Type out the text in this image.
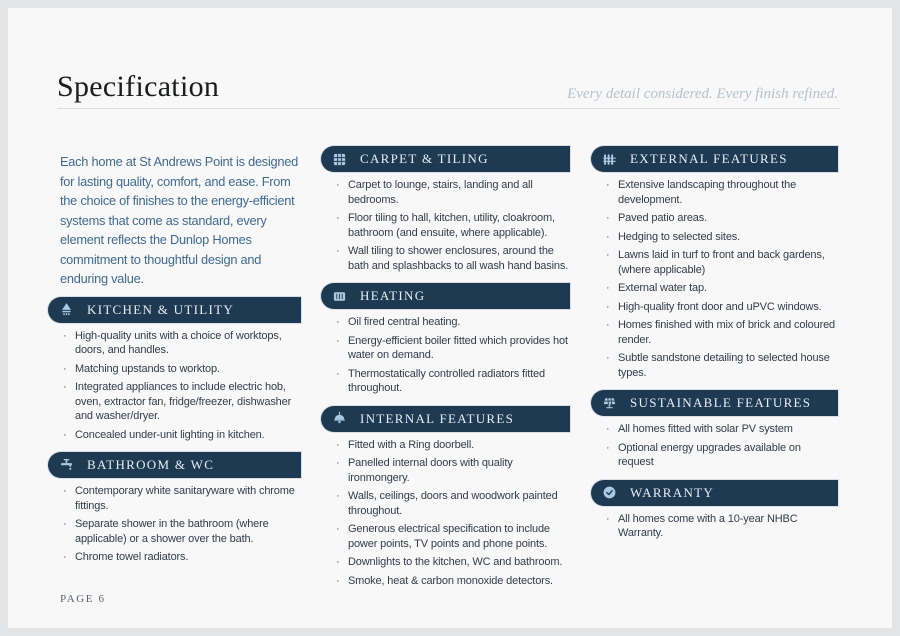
Specification	Every detail considered. Every finish refined.

Each home at St Andrews Point is designed for lasting quality, comfort, and ease. From the choice of finishes to the energy-efficient systems that come as standard, every element reflects the Dunlop Homes commitment to thoughtful design and enduring value.

KITCHEN & UTILITY
· High-quality units with a choice of worktops, doors, and handles.
· Matching upstands to worktop.
· Integrated appliances to include electric hob, oven, extractor fan, fridge/freezer, dishwasher and washer/dryer.
· Concealed under-unit lighting in kitchen.
BATHROOM & WC
· Contemporary white sanitaryware with chrome fittings.
· Separate shower in the bathroom (where applicable) or a shower over the bath.
· Chrome towel radiators.
CARPET & TILING
· Carpet to lounge, stairs, landing and all bedrooms.
· Floor tiling to hall, kitchen, utility, cloakroom, bathroom (and ensuite, where applicable).
· Wall tiling to shower enclosures, around the bath and splashbacks to all wash hand basins.
HEATING
· Oil fired central heating.
· Energy-efficient boiler fitted which provides hot water on demand.
· Thermostatically controlled radiators fitted throughout.
INTERNAL FEATURES
· Fitted with a Ring doorbell.
· Panelled internal doors with quality ironmongery.
· Walls, ceilings, doors and woodwork painted throughout.
· Generous electrical specification to include power points, TV points and phone points.
· Downlights to the kitchen, WC and bathroom.
· Smoke, heat & carbon monoxide detectors.
EXTERNAL FEATURES
· Extensive landscaping throughout the development.
· Paved patio areas.
· Hedging to selected sites.
· Lawns laid in turf to front and back gardens, (where applicable)
· External water tap.
· High-quality front door and uPVC windows.
· Homes finished with mix of brick and coloured render.
· Subtle sandstone detailing to selected house types.
SUSTAINABLE FEATURES
· All homes fitted with solar PV system
· Optional energy upgrades available on request
WARRANTY
· All homes come with a 10-year NHBC Warranty.
PAGE 6
